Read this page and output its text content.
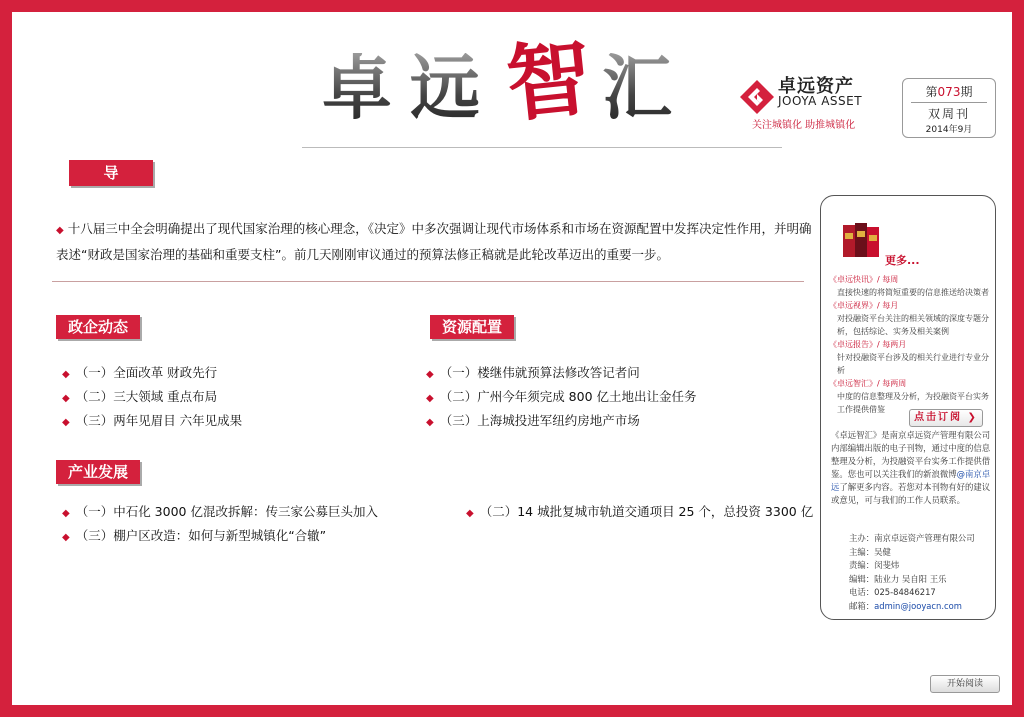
卓 远 智 汇	卓远资产
JOOYA ASSET
关注城镇化 助推城镇化
第073期
双周刊
2014年9月
导 语
◆ 十八届三中全会明确提出了现代国家治理的核心理念，《决定》中多次强调让现代市场体系和市场在资源配置中发挥决定性作用，并明确表述“财政是国家治理的基础和重要支柱”。前几天刚刚审议通过的预算法修正稿就是此轮改革迈出的重要一步。
政企动态
◆ （一）全面改革 财政先行
◆ （二）三大领域 重点布局
◆ （三）两年见眉目 六年见成果
资源配置
◆ （一）楼继伟就预算法修改答记者问
◆ （二）广州今年须完成 800 亿土地出让金任务
◆ （三）上海城投进军纽约房地产市场
产业发展
◆ （一）中石化 3000 亿混改拆解：传三家公募巨头加入	◆ （二）14 城批复城市轨道交通项目 25 个，总投资 3300 亿
◆ （三）棚户区改造：如何与新型城镇化“合辙”
更多...
《卓远快讯》/ 每周
直接快速的将简短重要的信息推送给决策者
《卓远视界》/ 每月
对投融资平台关注的相关领域的深度专题分析，包括综论、实务及相关案例
《卓远报告》/ 每两月
针对投融资平台涉及的相关行业进行专业分析
《卓远智汇》/ 每两周
中度的信息整理及分析，为投融资平台实务工作提供借鉴
点击订阅 ❯
《卓远智汇》是南京卓远资产管理有限公司内部编辑出版的电子刊物，通过中度的信息整理及分析，为投融资平台实务工作提供借鉴。您也可以关注我们的新浪微博@南京卓远了解更多内容。若您对本刊物有好的建议或意见，可与我们的工作人员联系。
主办：南京卓远资产管理有限公司
主编：吴健
责编：闵斐炜
编辑：陆业力 吴自阳 王乐
电话：025-84846217
邮箱：admin@jooyacn.com
开始阅读
